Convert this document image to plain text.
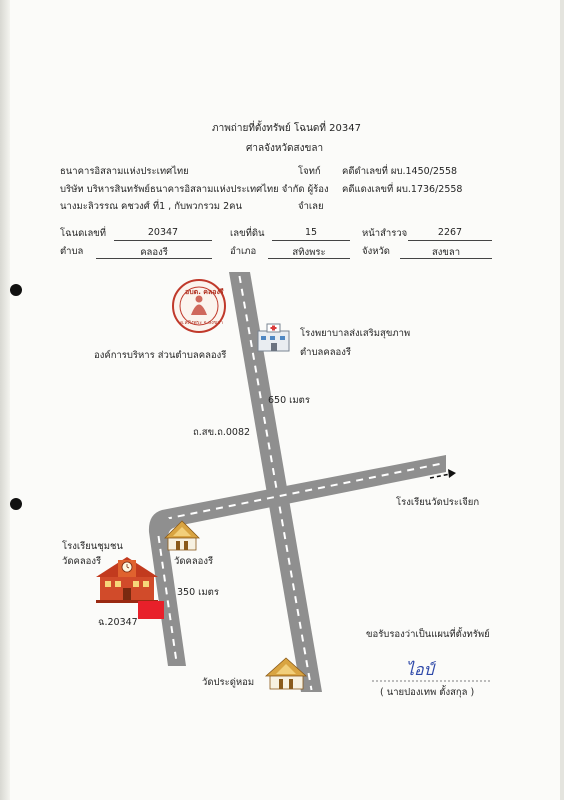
ภาพถ่ายที่ตั้งทรัพย์ โฉนดที่ 20347
ศาลจังหวัดสงขลา
ธนาคารอิสลามแห่งประเทศไทย	โจทก์ คดีดำเลขที่ ผบ.1450/2558
บริษัท บริหารสินทรัพย์ธนาคารอิสลามแห่งประเทศไทย จำกัด ผู้ร้อง คดีแดงเลขที่ ผบ.1736/2558
นางมะลิวรรณ คชวงศ์ ที่1 , กับพวกรวม 2คน	จำเลย
โฉนดเลขที่	20347	เลขที่ดิน	15	หน้าสำรวจ	2267
ตำบล	คลองรี	อำเภอ	สทิงพระ	จังหวัด	สงขลา
อบต. คลองรี
อ.สทิงพระ จ.สงขลา
องค์การบริหาร ส่วนตำบลคลองรี
โรงพยาบาลส่งเสริมสุขภาพ
ตำบลคลองรี
650 เมตร
ถ.สข.ถ.0082
โรงเรียนวัดประเจียก
โรงเรียนชุมชน
วัดคลองรี	วัดคลองรี
350 เมตร
ฉ.20347
วัดประดู่หอม
ขอรับรองว่าเป็นแผนที่ตั้งทรัพย์
ไอป์
( นายปองเทพ ตั้งสกุล )
